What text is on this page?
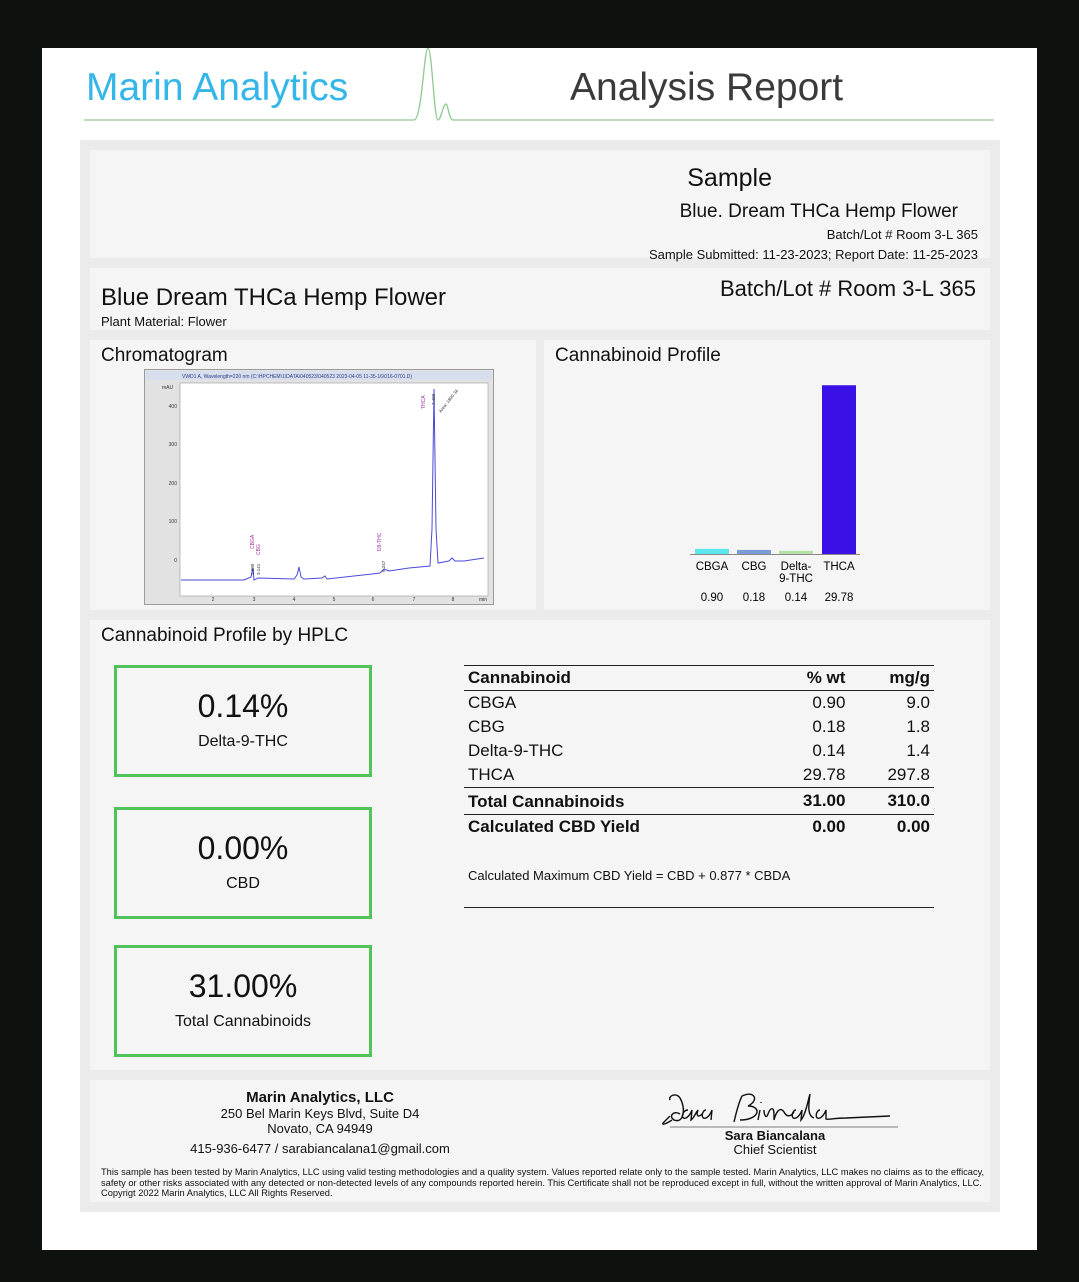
Marin Analytics	Analysis Report
Sample
Blue. Dream THCa Hemp Flower
Batch/Lot # Room 3-L 365
Sample Submitted: 11-23-2023; Report Date: 11-25-2023
Blue Dream THCa Hemp Flower
Plant Material: Flower
Batch/Lot # Room 3-L 365
Chromatogram
VWD1 A, Wavelength=220 nm (C:\HPCHEM\1\DATA\040523\040523 2023-04-05 11-35-16\016-0701.D)
mAU
400
300
200
100
0
2	3	4	5	6	7	8	min
CBGA
CBG	D9-THC
THCA
2.980 3.141	6.247
7.489 Area: 1890.34
Cannabinoid Profile
CBGA
0.90
CBG
0.18
Delta-
9-THC
0.14
THCA
29.78
Cannabinoid Profile by HPLC
0.14%
Delta-9-THC
0.00%
CBD
31.00%
Total Cannabinoids
Cannabinoid	% wt	mg/g
CBGA	0.90	9.0
CBG	0.18	1.8
Delta-9-THC	0.14	1.4
THCA	29.78	297.8
Total Cannabinoids	31.00	310.0
Calculated CBD Yield	0.00	0.00
Calculated Maximum CBD Yield = CBD + 0.877 * CBDA
Marin Analytics, LLC
250 Bel Marin Keys Blvd, Suite D4
Novato, CA 94949
415-936-6477 / sarabiancalana1@gmail.com
Sara Biancalana
Chief Scientist
This sample has been tested by Marin Analytics, LLC using valid testing methodologies and a quality system. Values reported relate only to the sample tested. Marin Analytics, LLC makes no claims as to the efficacy, safety or other risks associated with any detected or non-detected levels of any compounds reported herein. This Certificate shall not be reproduced except in full, without the written approval of Marin Analytics, LLC. Copyrigt 2022 Marin Analytics, LLC All Rights Reserved.
